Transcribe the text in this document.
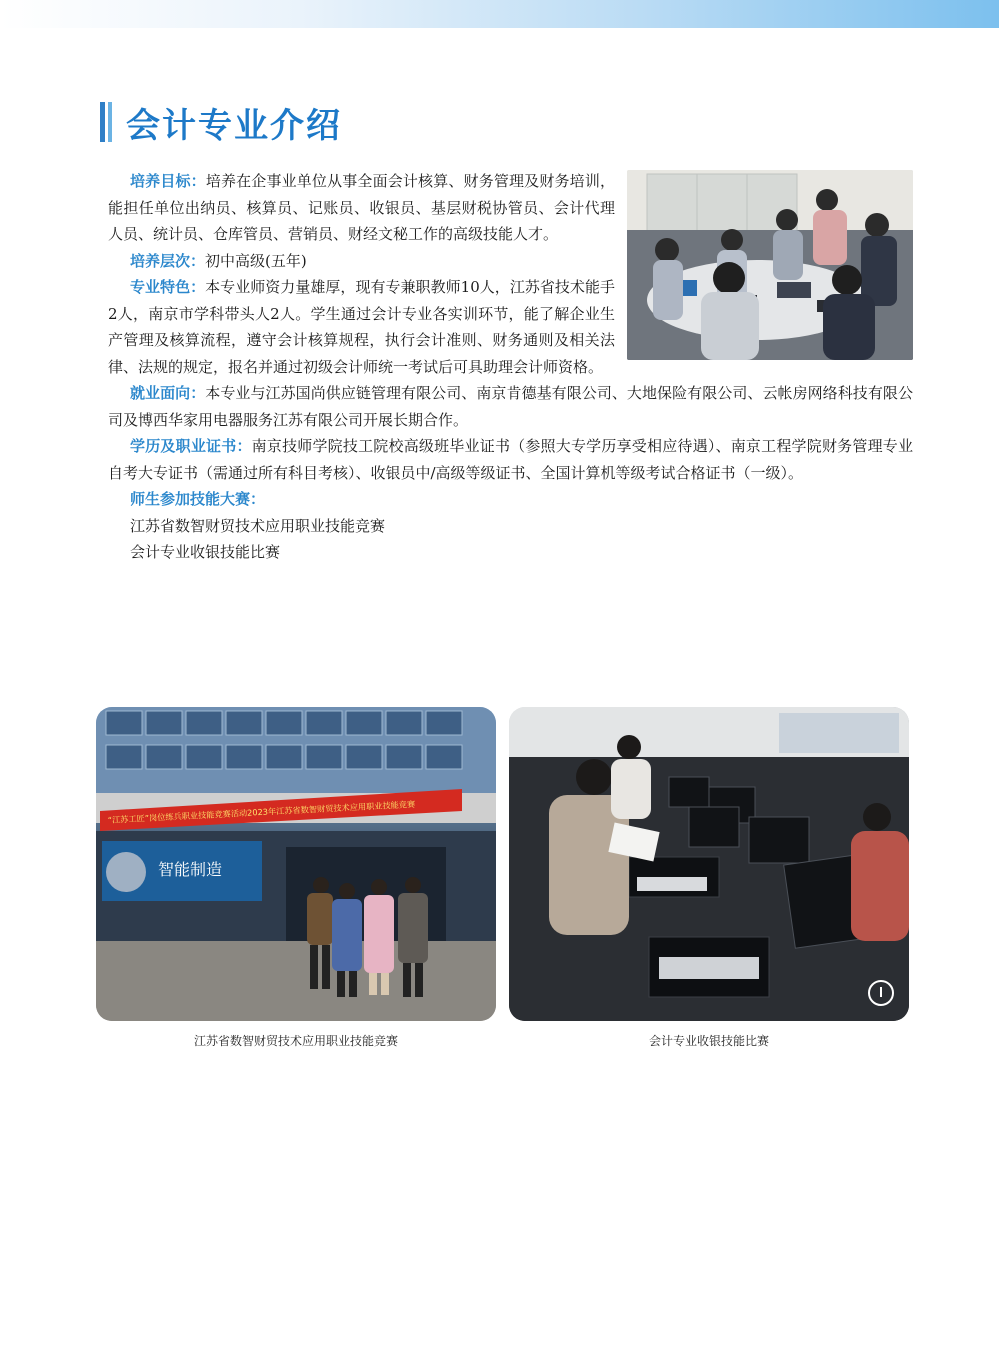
会计专业介绍

培养目标：培养在企事业单位从事全面会计核算、财务管理及财务培训，能担任单位出纳员、核算员、记账员、收银员、基层财税协管员、会计代理人员、统计员、仓库管员、营销员、财经文秘工作的高级技能人才。

培养层次：初中高级(五年)

专业特色：本专业师资力量雄厚，现有专兼职教师10人，江苏省技术能手2人，南京市学科带头人2人。学生通过会计专业各实训环节，能了解企业生产管理及核算流程，遵守会计核算规程，执行会计准则、财务通则及相关法律、法规的规定，报名并通过初级会计师统一考试后可具助理会计师资格。

就业面向：本专业与江苏国尚供应链管理有限公司、南京肯德基有限公司、大地保险有限公司、云帐房网络科技有限公司及博西华家用电器服务江苏有限公司开展长期合作。

学历及职业证书：南京技师学院技工院校高级班毕业证书（参照大专学历享受相应待遇）、南京工程学院财务管理专业自考大专证书（需通过所有科目考核）、收银员中/高级等级证书、全国计算机等级考试合格证书（一级）。

师生参加技能大赛：

江苏省数智财贸技术应用职业技能竞赛

会计专业收银技能比赛

“江苏工匠”岗位练兵职业技能竞赛活动2023年江苏省数智财贸技术应用职业技能竞赛
智能制造
江苏省数智财贸技术应用职业技能竞赛	会计专业收银技能比赛
